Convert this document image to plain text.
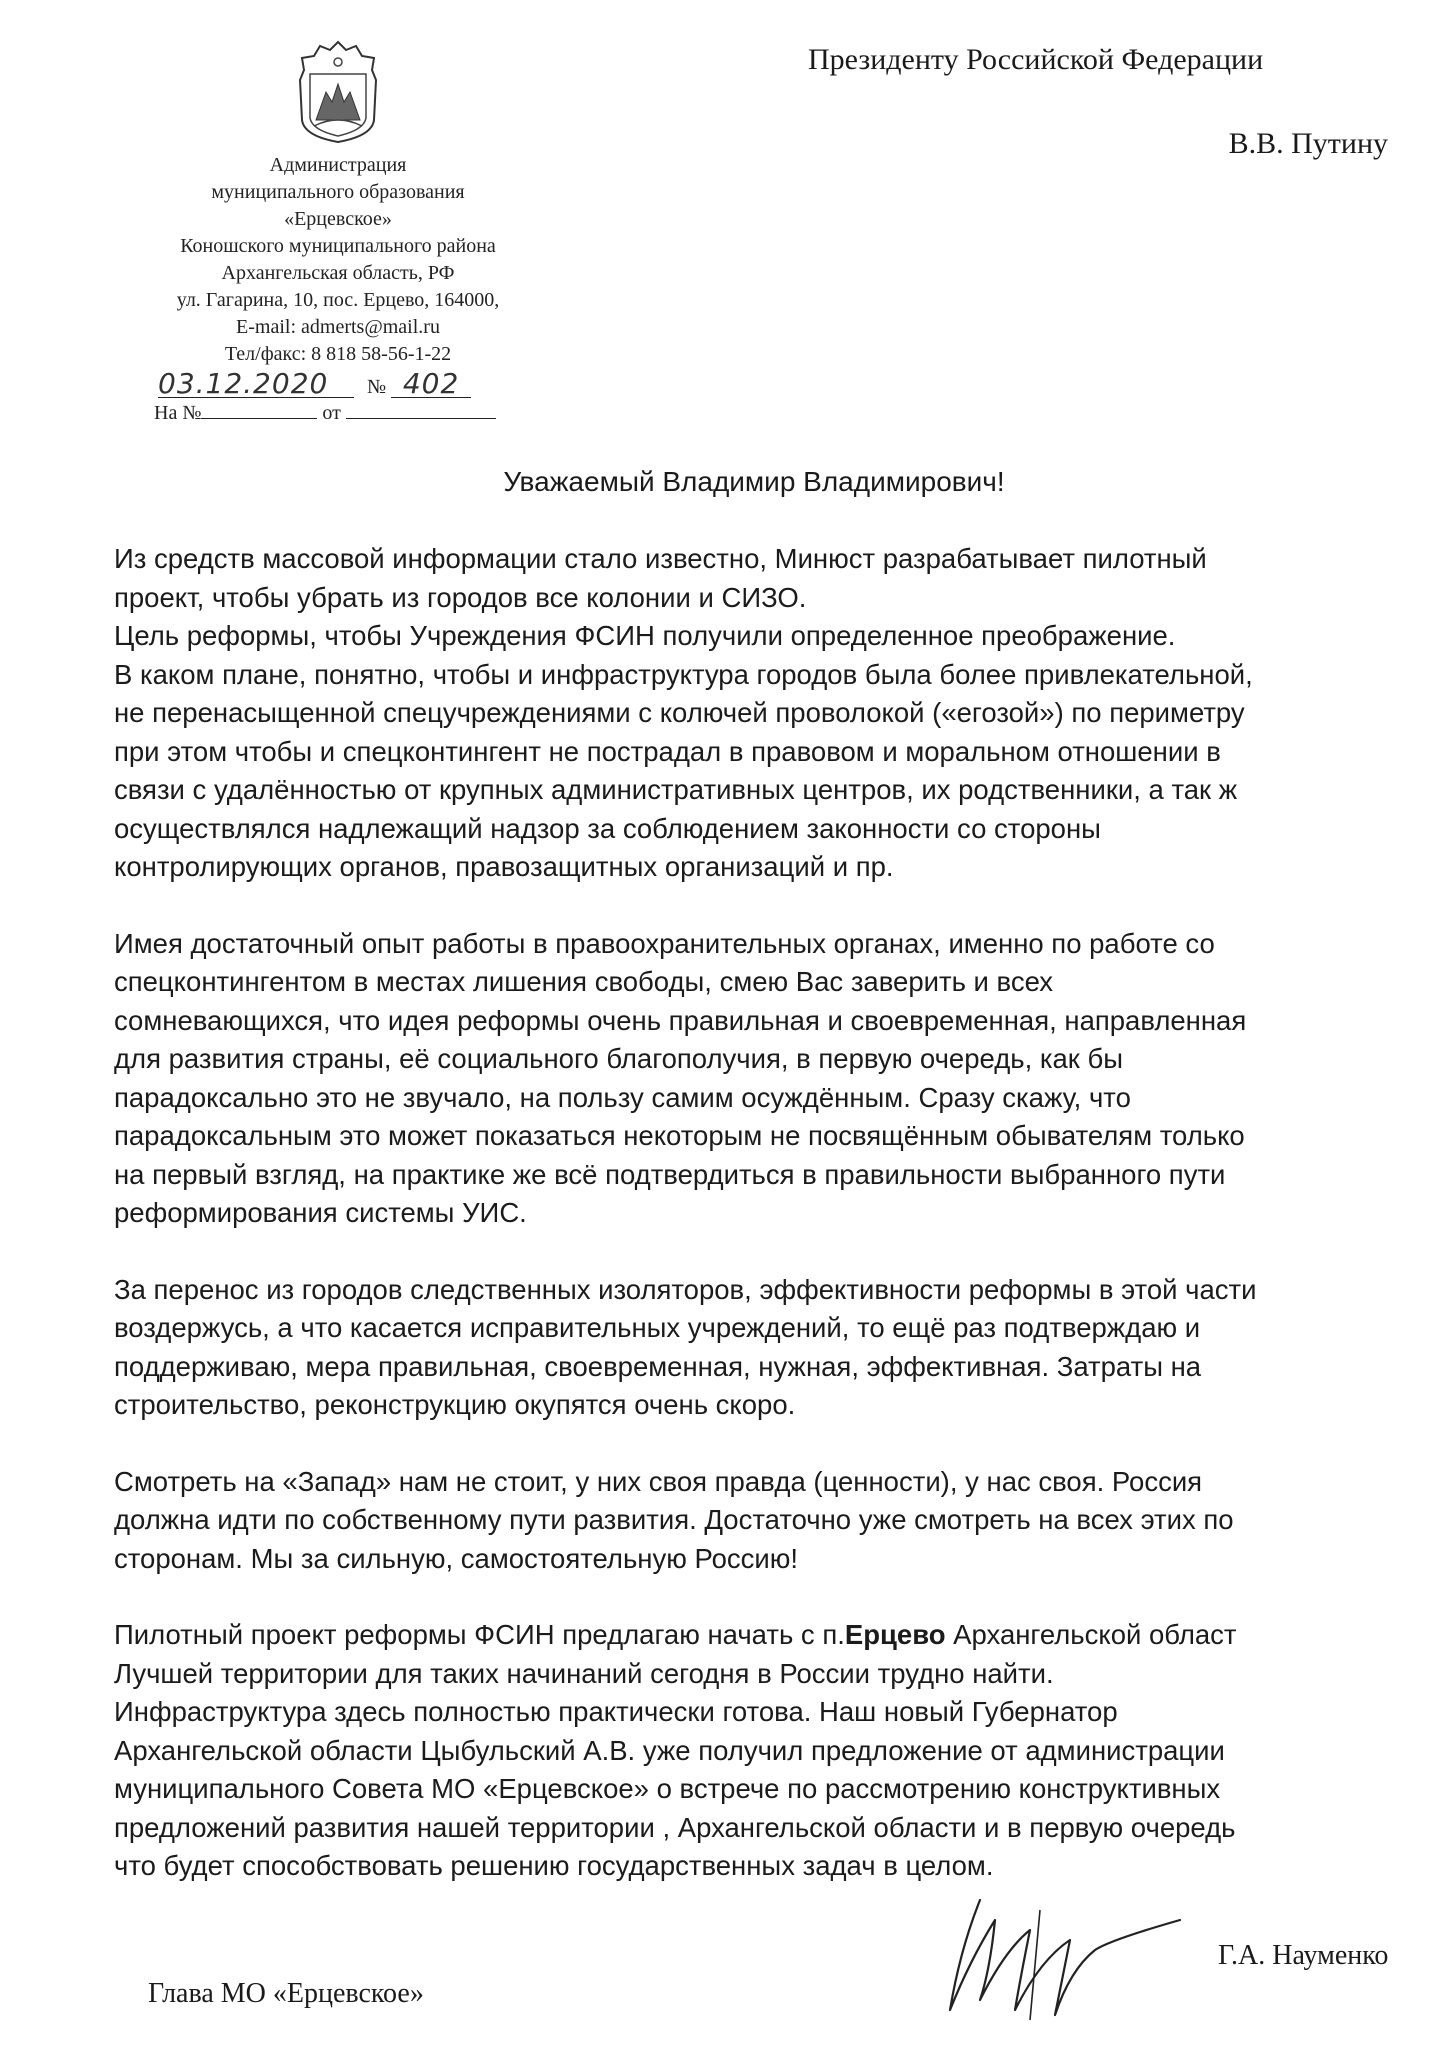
Администрация
муниципального образования
«Ерцевское»
Коношского муниципального района
Архангельская область, РФ
ул. Гагарина, 10, пос. Ерцево, 164000,
E-mail: admerts@mail.ru
Тел/факс: 8 818 58-56-1-22
03.12.2020 № 402
На №	от
Президенту Российской Федерации
В.В. Путину
Уважаемый Владимир Владимирович!
Из средств массовой информации стало известно, Минюст разрабатывает пилотный
проект, чтобы убрать из городов все колонии и СИЗО.
Цель реформы, чтобы Учреждения ФСИН получили определенное преображение.
В каком плане, понятно, чтобы и инфраструктура городов была более привлекательной,
не перенасыщенной спецучреждениями с колючей проволокой («егозой») по периметру
при этом чтобы и спецконтингент не пострадал в правовом и моральном отношении в
связи с удалённостью от крупных административных центров, их родственники, а так ж
осуществлялся надлежащий надзор за соблюдением законности со стороны
контролирующих органов, правозащитных организаций и пр.
Имея достаточный опыт работы в правоохранительных органах, именно по работе со
спецконтингентом в местах лишения свободы, смею Вас заверить и всех
сомневающихся, что идея реформы очень правильная и своевременная, направленная
для развития страны, её социального благополучия, в первую очередь, как бы
парадоксально это не звучало, на пользу самим осуждённым. Сразу скажу, что
парадоксальным это может показаться некоторым не посвящённым обывателям только
на первый взгляд, на практике же всё подтвердиться в правильности выбранного пути
реформирования системы УИС.
За перенос из городов следственных изоляторов, эффективности реформы в этой части
воздержусь, а что касается исправительных учреждений, то ещё раз подтверждаю и
поддерживаю, мера правильная, своевременная, нужная, эффективная. Затраты на
строительство, реконструкцию окупятся очень скоро.
Смотреть на «Запад» нам не стоит, у них своя правда (ценности), у нас своя. Россия
должна идти по собственному пути развития. Достаточно уже смотреть на всех этих по
сторонам. Мы за сильную, самостоятельную Россию!
Пилотный проект реформы ФСИН предлагаю начать с п.Ерцево Архангельской област
Лучшей территории для таких начинаний сегодня в России трудно найти.
Инфраструктура здесь полностью практически готова. Наш новый Губернатор
Архангельской области Цыбульский А.В. уже получил предложение от администрации
муниципального Совета МО «Ерцевское» о встрече по рассмотрению конструктивных
предложений развития нашей территории , Архангельской области и в первую очередь
что будет способствовать решению государственных задач в целом.
Глава МО «Ерцевское»
Г.А. Науменко
